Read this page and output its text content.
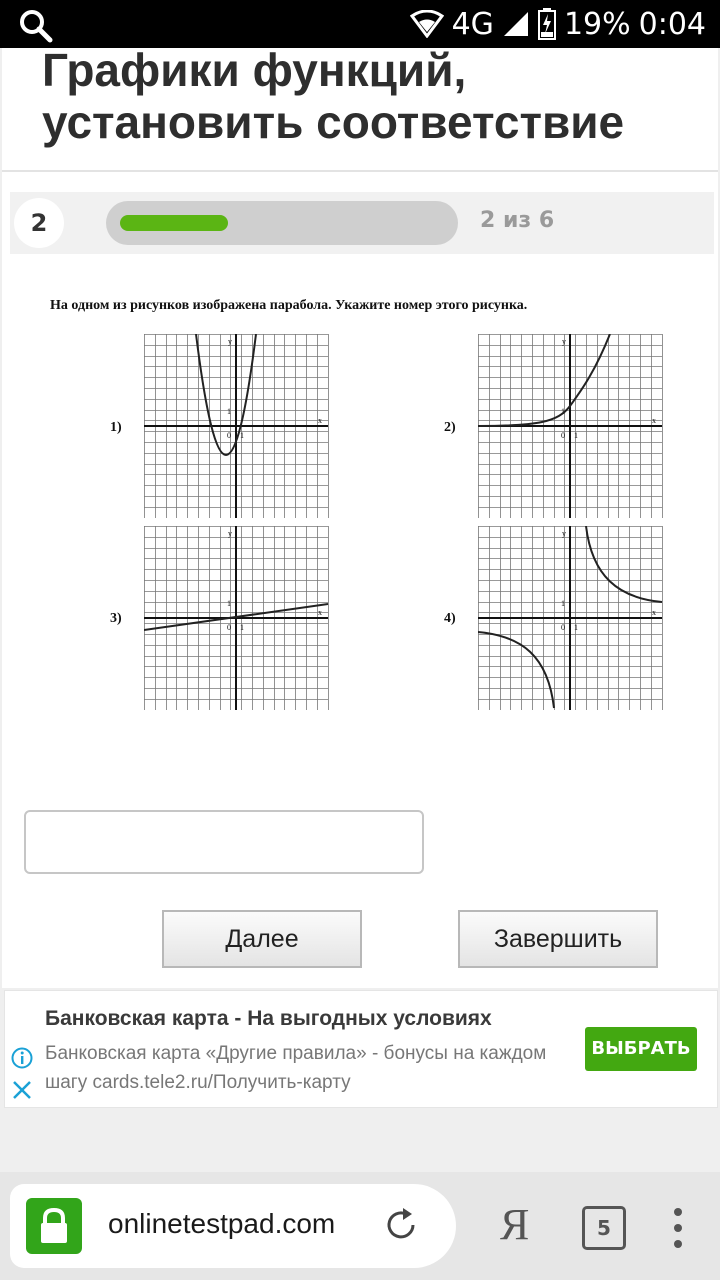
4G 19% 0:04
Графики функций, установить соответствие
2	2 из 6
На одном из рисунков изображена парабола. Укажите номер этого рисунка.
1)	2)
3)	4)
x
y
0 1
1
x
y
0 1
1
x
y
0 1
1
x
y
0 1
1
Далее	Завершить
Банковская карта - На выгодных условиях
Банковская карта «Другие правила» - бонусы на каждом шагу cards.tele2.ru/Получить-карту
ВЫБРАТЬ
onlinetestpad.com	Я	5
